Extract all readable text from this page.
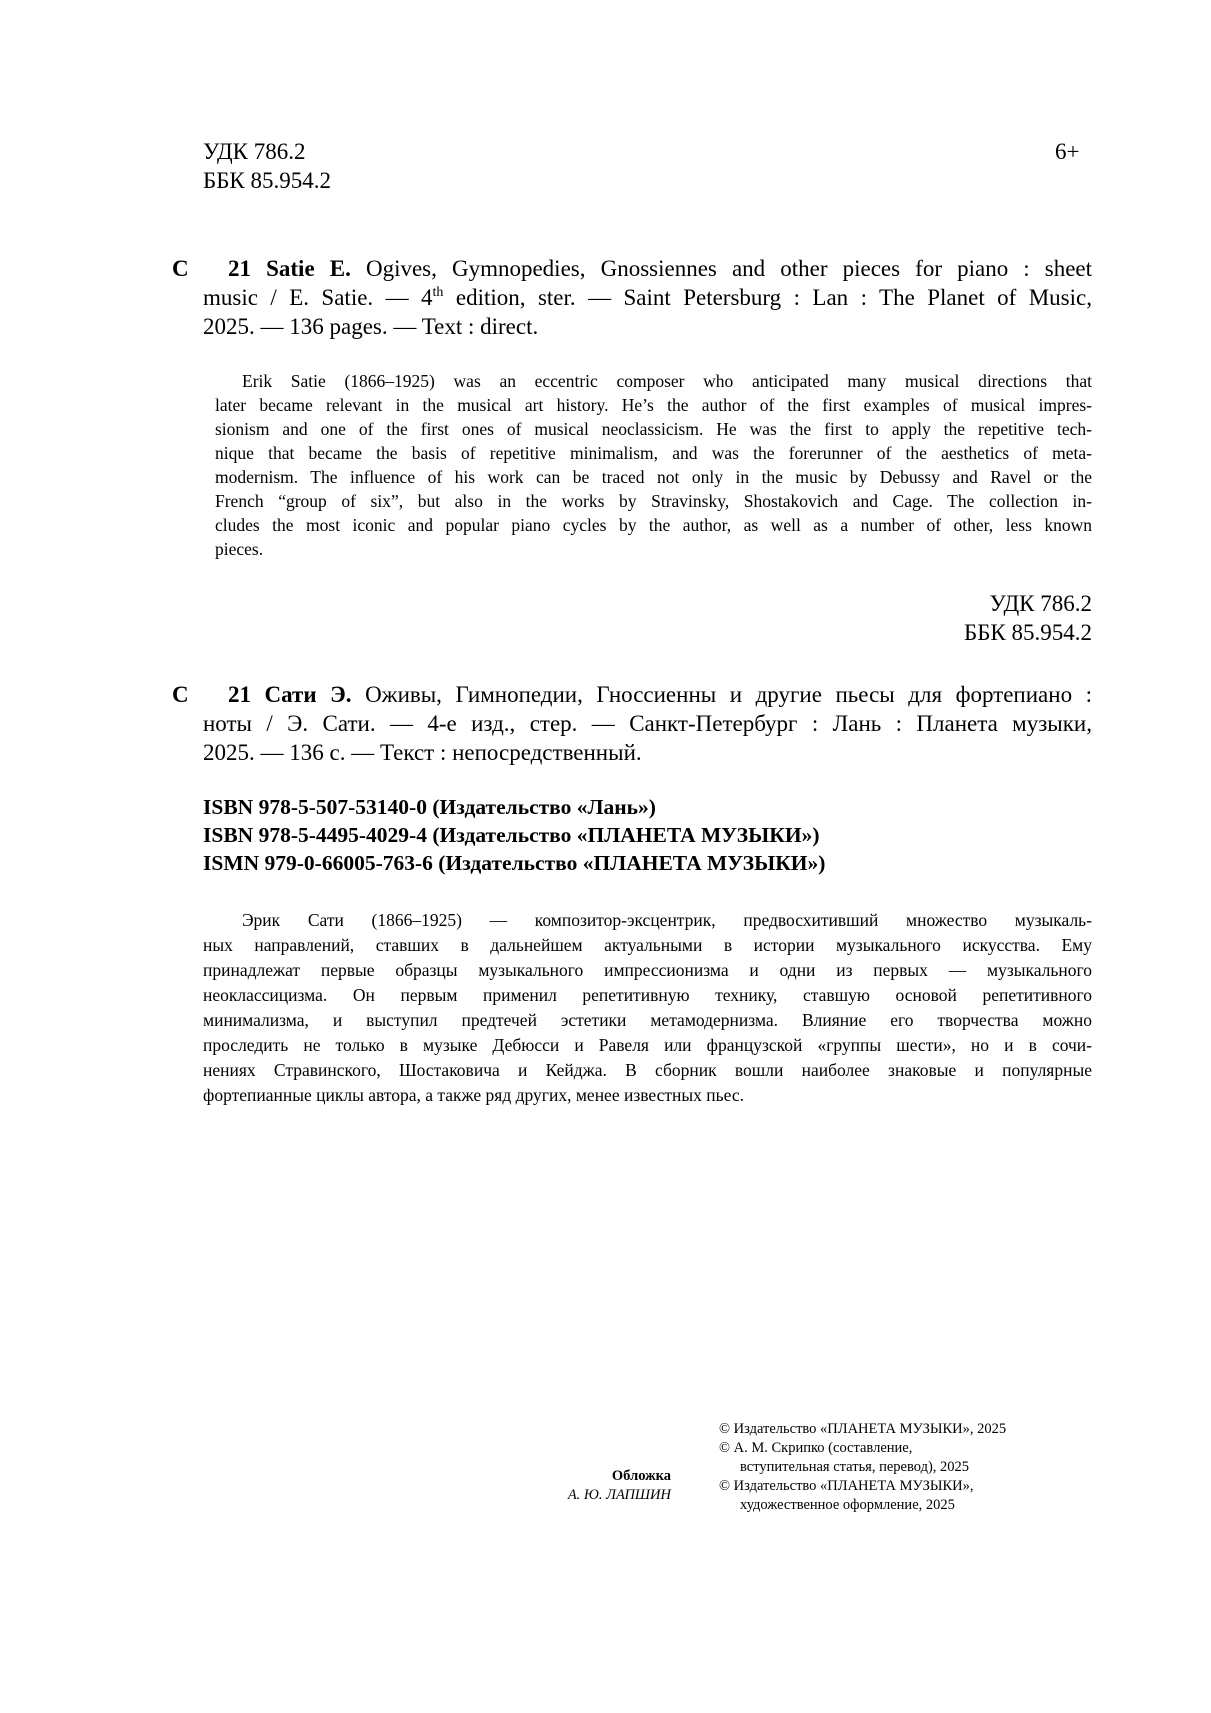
УДК 786.2
ББК 85.954.2
6+
С 21 Satie E. Ogives, Gymnopedies, Gnossiennes and other pieces for piano : sheet
music / E. Satie. — 4th edition, ster. — Saint Petersburg : Lan : The Planet of Music,
2025. — 136 pages. — Text : direct.
Erik Satie (1866–1925) was an eccentric composer who anticipated many musical directions that
later became relevant in the musical art history. He’s the author of the first examples of musical impres-
sionism and one of the first ones of musical neoclassicism. He was the first to apply the repetitive tech-
nique that became the basis of repetitive minimalism, and was the forerunner of the aesthetics of meta-
modernism. The influence of his work can be traced not only in the music by Debussy and Ravel or the
French “group of six”, but also in the works by Stravinsky, Shostakovich and Cage. The collection in-
cludes the most iconic and popular piano cycles by the author, as well as a number of other, less known
pieces.
УДК 786.2
ББК 85.954.2
С 21 Сати Э. Оживы, Гимнопедии, Гноссиенны и другие пьесы для фортепиано :
ноты / Э. Сати. — 4-е изд., стер. — Санкт-Петербург : Лань : Планета музыки,
2025. — 136 с. — Текст : непосредственный.
ISBN 978-5-507-53140-0 (Издательство «Лань»)
ISBN 978-5-4495-4029-4 (Издательство «ПЛАНЕТА МУЗЫКИ»)
ISMN 979-0-66005-763-6 (Издательство «ПЛАНЕТА МУЗЫКИ»)
Эрик Сати (1866–1925) — композитор-эксцентрик, предвосхитивший множество музыкаль-
ных направлений, ставших в дальнейшем актуальными в истории музыкального искусства. Ему
принадлежат первые образцы музыкального импрессионизма и одни из первых — музыкального
неоклассицизма. Он первым применил репетитивную технику, ставшую основой репетитивного
минимализма, и выступил предтечей эстетики метамодернизма. Влияние его творчества можно
проследить не только в музыке Дебюсси и Равеля или французской «группы шести», но и в сочи-
нениях Стравинского, Шостаковича и Кейджа. В сборник вошли наиболее знаковые и популярные
фортепианные циклы автора, а также ряд других, менее известных пьес.
Обложка
А. Ю. ЛАПШИН
© Издательство «ПЛАНЕТА МУЗЫКИ», 2025
© А. М. Скрипко (составление,
вступительная статья, перевод), 2025
© Издательство «ПЛАНЕТА МУЗЫКИ»,
художественное оформление, 2025
